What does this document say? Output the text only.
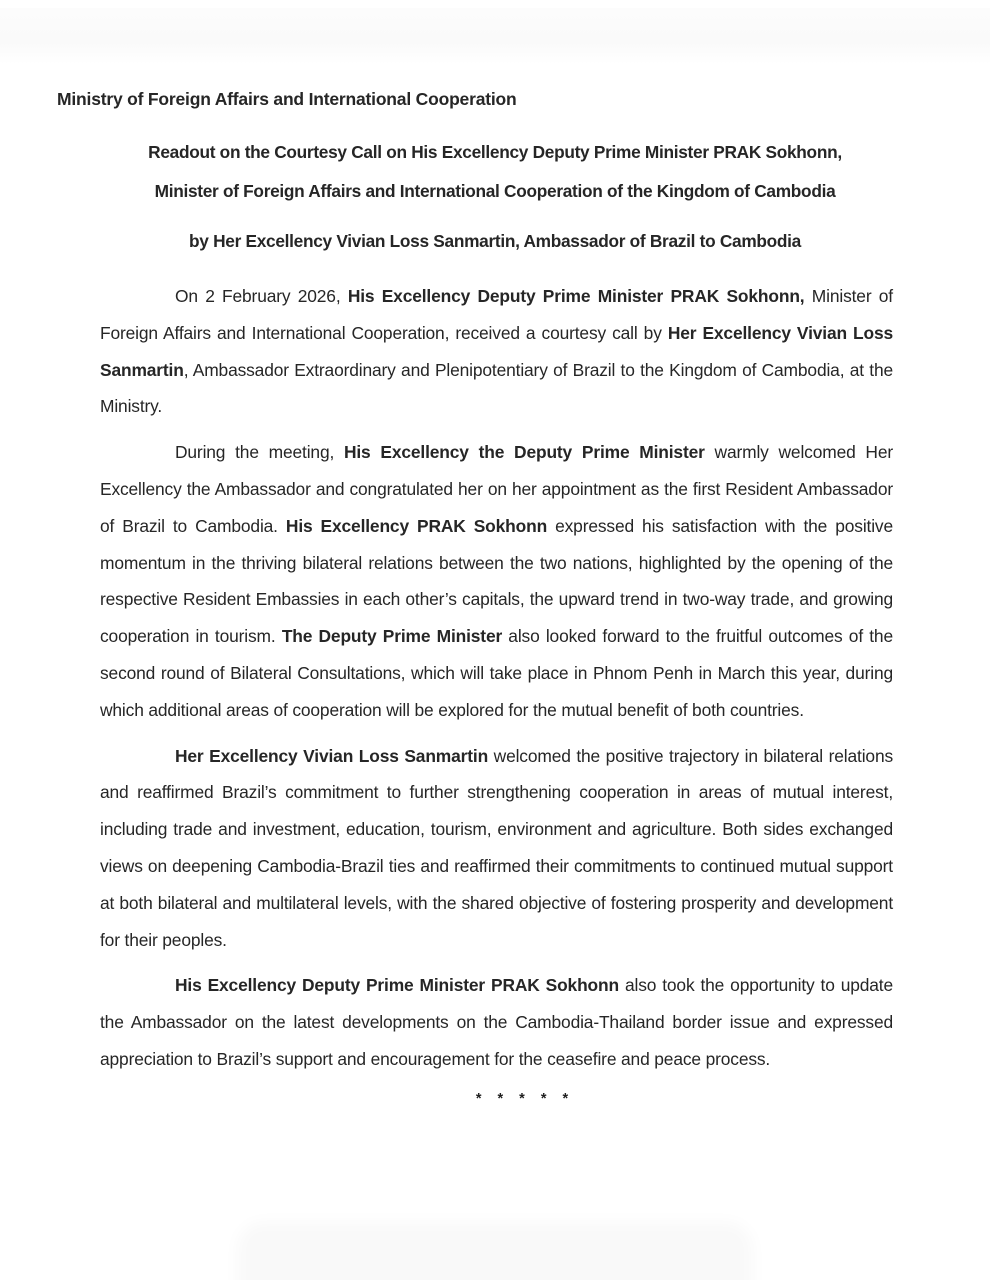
Ministry of Foreign Affairs and International Cooperation
Readout on the Courtesy Call on His Excellency Deputy Prime Minister PRAK Sokhonn,
Minister of Foreign Affairs and International Cooperation of the Kingdom of Cambodia
by Her Excellency Vivian Loss Sanmartin, Ambassador of Brazil to Cambodia

On 2 February 2026, His Excellency Deputy Prime Minister PRAK Sokhonn, Minister of Foreign Affairs and International Cooperation, received a courtesy call by Her Excellency Vivian Loss Sanmartin, Ambassador Extraordinary and Plenipotentiary of Brazil to the Kingdom of Cambodia, at the Ministry.

During the meeting, His Excellency the Deputy Prime Minister warmly welcomed Her Excellency the Ambassador and congratulated her on her appointment as the first Resident Ambassador of Brazil to Cambodia. His Excellency PRAK Sokhonn expressed his satisfaction with the positive momentum in the thriving bilateral relations between the two nations, highlighted by the opening of the respective Resident Embassies in each other’s capitals, the upward trend in two-way trade, and growing cooperation in tourism. The Deputy Prime Minister also looked forward to the fruitful outcomes of the second round of Bilateral Consultations, which will take place in Phnom Penh in March this year, during which additional areas of cooperation will be explored for the mutual benefit of both countries.

Her Excellency Vivian Loss Sanmartin welcomed the positive trajectory in bilateral relations and reaffirmed Brazil’s commitment to further strengthening cooperation in areas of mutual interest, including trade and investment, education, tourism, environment and agriculture. Both sides exchanged views on deepening Cambodia-Brazil ties and reaffirmed their commitments to continued mutual support at both bilateral and multilateral levels, with the shared objective of fostering prosperity and development for their peoples.

His Excellency Deputy Prime Minister PRAK Sokhonn also took the opportunity to update the Ambassador on the latest developments on the Cambodia-Thailand border issue and expressed appreciation to Brazil’s support and encouragement for the ceasefire and peace process.

* * * * *
